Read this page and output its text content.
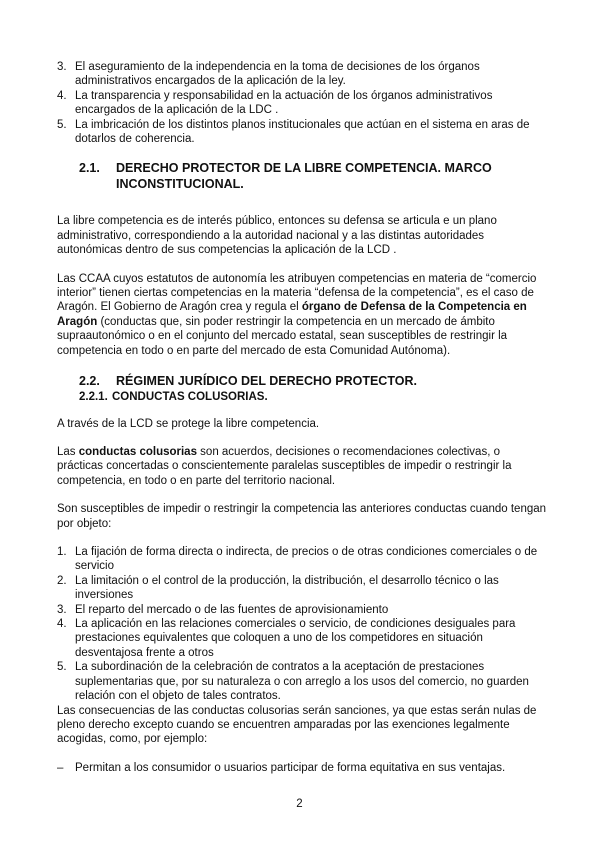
3. El aseguramiento de la independencia en la toma de decisiones de los órganos administrativos encargados de la aplicación de la ley.
4. La transparencia y responsabilidad en la actuación de los órganos administrativos encargados de la aplicación de la LDC .
5. La imbricación de los distintos planos institucionales que actúan en el sistema en aras de dotarlos de coherencia.
2.1.	DERECHO PROTECTOR DE LA LIBRE COMPETENCIA. MARCO INCONSTITUCIONAL.

La libre competencia es de interés público, entonces su defensa se articula e un plano administrativo, correspondiendo a la autoridad nacional y a las distintas autoridades autonómicas dentro de sus competencias la aplicación de la LCD .

Las CCAA cuyos estatutos de autonomía les atribuyen competencias en materia de “comercio interior” tienen ciertas competencias en la materia “defensa de la competencia”, es el caso de Aragón. El Gobierno de Aragón crea y regula el órgano de Defensa de la Competencia en Aragón (conductas que, sin poder restringir la competencia en un mercado de ámbito supraautonómico o en el conjunto del mercado estatal, sean susceptibles de restringir la competencia en todo o en parte del mercado de esta Comunidad Autónoma).

2.2.	RÉGIMEN JURÍDICO DEL DERECHO PROTECTOR.
2.2.1. CONDUCTAS COLUSORIAS.

A través de la LCD se protege la libre competencia.

Las conductas colusorias son acuerdos, decisiones o recomendaciones colectivas, o prácticas concertadas o conscientemente paralelas susceptibles de impedir o restringir la competencia, en todo o en parte del territorio nacional.

Son susceptibles de impedir o restringir la competencia las anteriores conductas cuando tengan por objeto:

1. La fijación de forma directa o indirecta, de precios o de otras condiciones comerciales o de servicio
2. La limitación o el control de la producción, la distribución, el desarrollo técnico o las inversiones
3. El reparto del mercado o de las fuentes de aprovisionamiento
4. La aplicación en las relaciones comerciales o servicio, de condiciones desiguales para prestaciones equivalentes que coloquen a uno de los competidores en situación desventajosa frente a otros
5. La subordinación de la celebración de contratos a la aceptación de prestaciones suplementarias que, por su naturaleza o con arreglo a los usos del comercio, no guarden relación con el objeto de tales contratos.

Las consecuencias de las conductas colusorias serán sanciones, ya que estas serán nulas de pleno derecho excepto cuando se encuentren amparadas por las exenciones legalmente acogidas, como, por ejemplo:

–	Permitan a los consumidor o usuarios participar de forma equitativa en sus ventajas.
2
